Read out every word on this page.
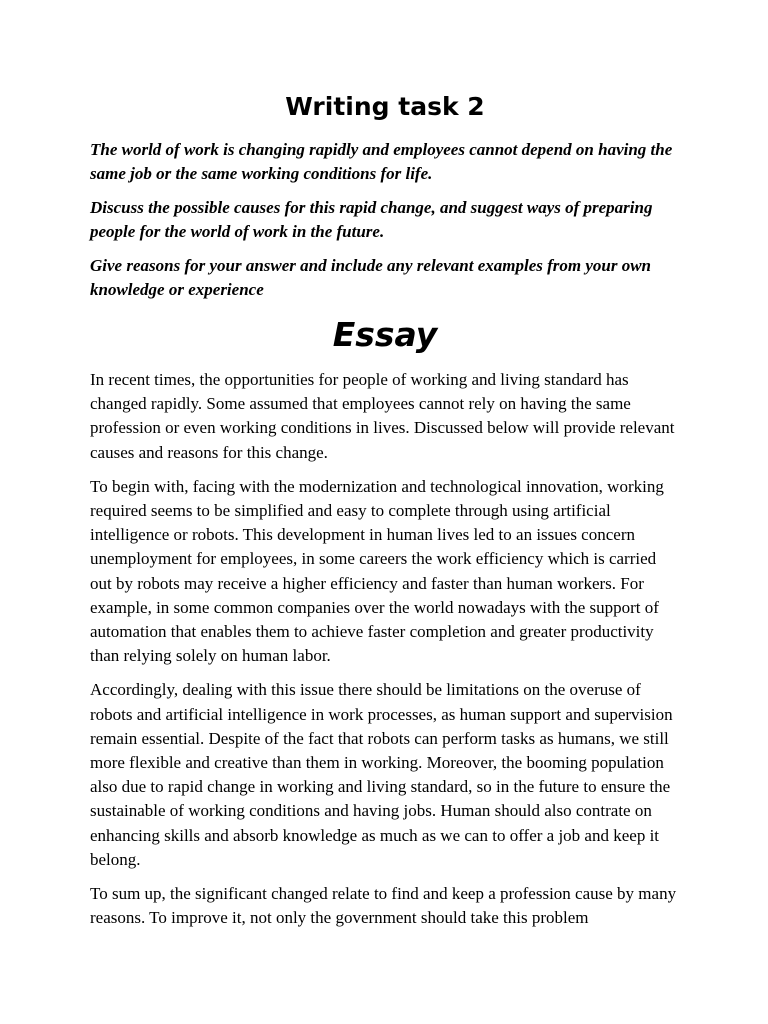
Writing task 2

The world of work is changing rapidly and employees cannot depend on having the same job or the same working conditions for life.

Discuss the possible causes for this rapid change, and suggest ways of preparing people for the world of work in the future.

Give reasons for your answer and include any relevant examples from your own knowledge or experience

Essay

In recent times, the opportunities for people of working and living standard has changed rapidly. Some assumed that employees cannot rely on having the same profession or even working conditions in lives. Discussed below will provide relevant causes and reasons for this change.

To begin with, facing with the modernization and technological innovation, working required seems to be simplified and easy to complete through using artificial intelligence or robots. This development in human lives led to an issues concern unemployment for employees, in some careers the work efficiency which is carried out by robots may receive a higher efficiency and faster than human workers. For example, in some common companies over the world nowadays with the support of automation that enables them to achieve faster completion and greater productivity than relying solely on human labor.

Accordingly, dealing with this issue there should be limitations on the overuse of robots and artificial intelligence in work processes, as human support and supervision remain essential. Despite of the fact that robots can perform tasks as humans, we still more flexible and creative than them in working. Moreover, the booming population also due to rapid change in working and living standard, so in the future to ensure the sustainable of working conditions and having jobs. Human should also contrate on enhancing skills and absorb knowledge as much as we can to offer a job and keep it belong.

To sum up, the significant changed relate to find and keep a profession cause by many reasons. To improve it, not only the government should take this problem
